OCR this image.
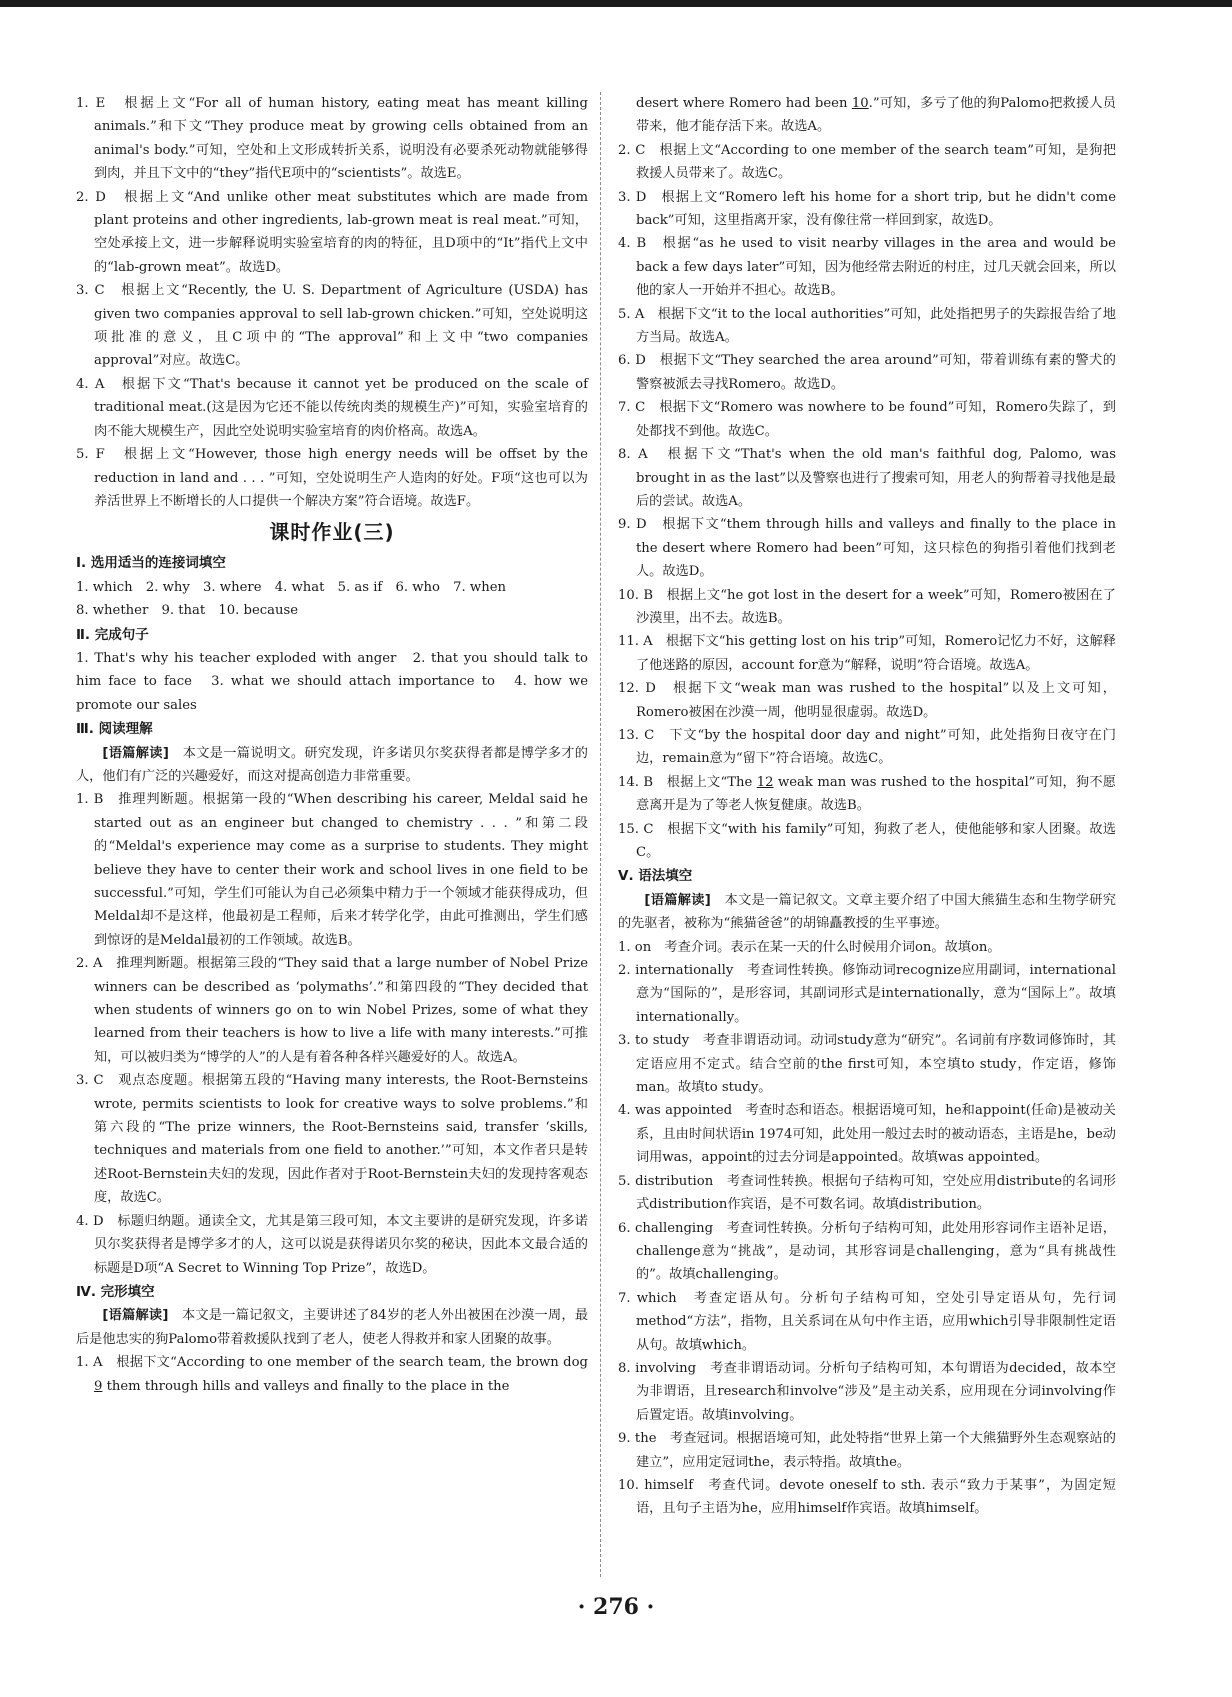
1. E　根据上文“For all of human history, eating meat has meant killing animals.”和下文“They produce meat by growing cells obtained from an animal's body.”可知，空处和上文形成转折关系，说明没有必要杀死动物就能够得到肉，并且下文中的“they”指代E项中的“scientists”。故选E。

2. D　根据上文“And unlike other meat substitutes which are made from plant proteins and other ingredients, lab-grown meat is real meat.”可知，空处承接上文，进一步解释说明实验室培育的肉的特征，且D项中的“It”指代上文中的“lab-grown meat”。故选D。

3. C　根据上文“Recently, the U. S. Department of Agriculture (USDA) has given two companies approval to sell lab-grown chicken.”可知，空处说明这项批准的意义，且C项中的“The approval”和上文中“two companies approval”对应。故选C。

4. A　根据下文“That's because it cannot yet be produced on the scale of traditional meat.(这是因为它还不能以传统肉类的规模生产)”可知，实验室培育的肉不能大规模生产，因此空处说明实验室培育的肉价格高。故选A。

5. F　根据上文“However, those high energy needs will be offset by the reduction in land and . . . ”可知，空处说明生产人造肉的好处。F项“这也可以为养活世界上不断增长的人口提供一个解决方案”符合语境。故选F。

课时作业(三)

Ⅰ. 选用适当的连接词填空

1. which　2. why　3. where　4. what　5. as if　6. who　7. when

8. whether　9. that　10. because

Ⅱ. 完成句子

1. That's why his teacher exploded with anger　2. that you should talk to him face to face　3. what we should attach importance to　4. how we promote our sales

Ⅲ. 阅读理解

[语篇解读]　本文是一篇说明文。研究发现，许多诺贝尔奖获得者都是博学多才的人，他们有广泛的兴趣爱好，而这对提高创造力非常重要。

1. B　推理判断题。根据第一段的“When describing his career, Meldal said he started out as an engineer but changed to chemistry . . . ”和第二段的“Meldal's experience may come as a surprise to students. They might believe they have to center their work and school lives in one field to be successful.”可知，学生们可能认为自己必须集中精力于一个领域才能获得成功，但Meldal却不是这样，他最初是工程师，后来才转学化学，由此可推测出，学生们感到惊讶的是Meldal最初的工作领域。故选B。

2. A　推理判断题。根据第三段的“They said that a large number of Nobel Prize winners can be described as ‘polymaths’.”和第四段的“They decided that when students of winners go on to win Nobel Prizes, some of what they learned from their teachers is how to live a life with many interests.”可推知，可以被归类为“博学的人”的人是有着各种各样兴趣爱好的人。故选A。

3. C　观点态度题。根据第五段的“Having many interests, the Root-Bernsteins wrote, permits scientists to look for creative ways to solve problems.”和第六段的“The prize winners, the Root-Bernsteins said, transfer ‘skills, techniques and materials from one field to another.’”可知，本文作者只是转述Root-Bernstein夫妇的发现，因此作者对于Root-Bernstein夫妇的发现持客观态度，故选C。

4. D　标题归纳题。通读全文，尤其是第三段可知，本文主要讲的是研究发现，许多诺贝尔奖获得者是博学多才的人，这可以说是获得诺贝尔奖的秘诀，因此本文最合适的标题是D项“A Secret to Winning Top Prize”，故选D。

Ⅳ. 完形填空

[语篇解读]　本文是一篇记叙文，主要讲述了84岁的老人外出被困在沙漠一周，最后是他忠实的狗Palomo带着救援队找到了老人，使老人得救并和家人团聚的故事。

1. A　根据下文“According to one member of the search team, the brown dog 9 them through hills and valleys and finally to the place in the

desert where Romero had been 10.”可知，多亏了他的狗Palomo把救援人员带来，他才能存活下来。故选A。

2. C　根据上文“According to one member of the search team”可知，是狗把救援人员带来了。故选C。

3. D　根据上文“Romero left his home for a short trip, but he didn't come back”可知，这里指离开家，没有像往常一样回到家，故选D。

4. B　根据“as he used to visit nearby villages in the area and would be back a few days later”可知，因为他经常去附近的村庄，过几天就会回来，所以他的家人一开始并不担心。故选B。

5. A　根据下文“it to the local authorities”可知，此处指把男子的失踪报告给了地方当局。故选A。

6. D　根据下文“They searched the area around”可知，带着训练有素的警犬的警察被派去寻找Romero。故选D。

7. C　根据下文“Romero was nowhere to be found”可知，Romero失踪了，到处都找不到他。故选C。

8. A　根据下文“That's when the old man's faithful dog, Palomo, was brought in as the last”以及警察也进行了搜索可知，用老人的狗帮着寻找他是最后的尝试。故选A。

9. D　根据下文“them through hills and valleys and finally to the place in the desert where Romero had been”可知，这只棕色的狗指引着他们找到老人。故选D。

10. B　根据上文“he got lost in the desert for a week”可知，Romero被困在了沙漠里，出不去。故选B。

11. A　根据下文“his getting lost on his trip”可知，Romero记忆力不好，这解释了他迷路的原因，account for意为“解释，说明”符合语境。故选A。

12. D　根据下文“weak man was rushed to the hospital”以及上文可知，Romero被困在沙漠一周，他明显很虚弱。故选D。

13. C　下文“by the hospital door day and night”可知，此处指狗日夜守在门边，remain意为“留下”符合语境。故选C。

14. B　根据上文“The 12 weak man was rushed to the hospital”可知，狗不愿意离开是为了等老人恢复健康。故选B。

15. C　根据下文“with his family”可知，狗救了老人，使他能够和家人团聚。故选C。

Ⅴ. 语法填空

[语篇解读]　本文是一篇记叙文。文章主要介绍了中国大熊猫生态和生物学研究的先驱者，被称为“熊猫爸爸”的胡锦矗教授的生平事迹。

1. on　考查介词。表示在某一天的什么时候用介词on。故填on。

2. internationally　考查词性转换。修饰动词recognize应用副词，international意为“国际的”，是形容词，其副词形式是internationally，意为“国际上”。故填internationally。

3. to study　考查非谓语动词。动词study意为“研究”。名词前有序数词修饰时，其定语应用不定式。结合空前的the first可知，本空填to study，作定语，修饰man。故填to study。

4. was appointed　考查时态和语态。根据语境可知，he和appoint(任命)是被动关系，且由时间状语in 1974可知，此处用一般过去时的被动语态，主语是he，be动词用was，appoint的过去分词是appointed。故填was appointed。

5. distribution　考查词性转换。根据句子结构可知，空处应用distribute的名词形式distribution作宾语，是不可数名词。故填distribution。

6. challenging　考查词性转换。分析句子结构可知，此处用形容词作主语补足语，challenge意为“挑战”，是动词，其形容词是challenging，意为“具有挑战性的”。故填challenging。

7. which　考查定语从句。分析句子结构可知，空处引导定语从句，先行词method“方法”，指物，且关系词在从句中作主语，应用which引导非限制性定语从句。故填which。

8. involving　考查非谓语动词。分析句子结构可知，本句谓语为decided，故本空为非谓语，且research和involve“涉及”是主动关系，应用现在分词involving作后置定语。故填involving。

9. the　考查冠词。根据语境可知，此处特指“世界上第一个大熊猫野外生态观察站的建立”，应用定冠词the，表示特指。故填the。

10. himself　考查代词。devote oneself to sth. 表示“致力于某事”，为固定短语，且句子主语为he，应用himself作宾语。故填himself。

· 276 ·
